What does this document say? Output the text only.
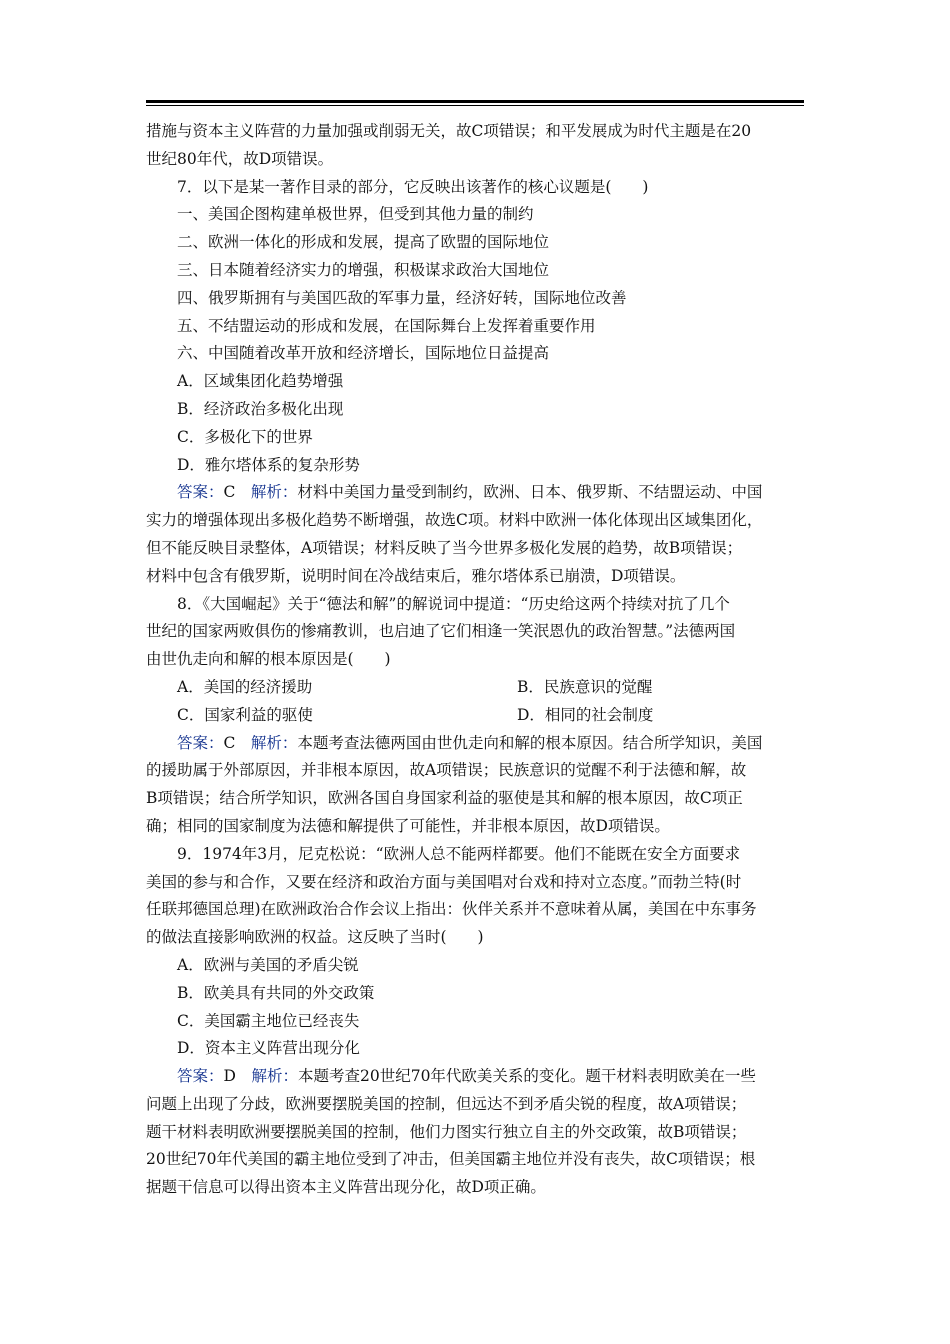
措施与资本主义阵营的力量加强或削弱无关，故C项错误；和平发展成为时代主题是在20

世纪80年代，故D项错误。

7．以下是某一著作目录的部分，它反映出该著作的核心议题是(　　)

一、美国企图构建单极世界，但受到其他力量的制约

二、欧洲一体化的形成和发展，提高了欧盟的国际地位

三、日本随着经济实力的增强，积极谋求政治大国地位

四、俄罗斯拥有与美国匹敌的军事力量，经济好转，国际地位改善

五、不结盟运动的形成和发展，在国际舞台上发挥着重要作用

六、中国随着改革开放和经济增长，国际地位日益提高

A．区域集团化趋势增强

B．经济政治多极化出现

C．多极化下的世界

D．雅尔塔体系的复杂形势

答案：C　 解析：材料中美国力量受到制约，欧洲、日本、俄罗斯、不结盟运动、中国

实力的增强体现出多极化趋势不断增强，故选C项。材料中欧洲一体化体现出区域集团化，

但不能反映目录整体，A项错误；材料反映了当今世界多极化发展的趋势，故B项错误；

材料中包含有俄罗斯，说明时间在冷战结束后，雅尔塔体系已崩溃，D项错误。

8．《大国崛起》关于“德法和解”的解说词中提道：“历史给这两个持续对抗了几个

世纪的国家两败俱伤的惨痛教训，也启迪了它们相逢一笑泯恩仇的政治智慧。”法德两国

由世仇走向和解的根本原因是(　　)

A．美国的经济援助	B．民族意识的觉醒
C．国家利益的驱使	D．相同的社会制度

答案：C　 解析：本题考查法德两国由世仇走向和解的根本原因。结合所学知识，美国

的援助属于外部原因，并非根本原因，故A项错误；民族意识的觉醒不利于法德和解，故

B项错误；结合所学知识，欧洲各国自身国家利益的驱使是其和解的根本原因，故C项正

确；相同的国家制度为法德和解提供了可能性，并非根本原因，故D项错误。

9．1974年3月，尼克松说：“欧洲人总不能两样都要。他们不能既在安全方面要求

美国的参与和合作，又要在经济和政治方面与美国唱对台戏和持对立态度。”而勃兰特(时

任联邦德国总理)在欧洲政治合作会议上指出：伙伴关系并不意味着从属，美国在中东事务

的做法直接影响欧洲的权益。这反映了当时(　　)

A．欧洲与美国的矛盾尖锐

B．欧美具有共同的外交政策

C．美国霸主地位已经丧失

D．资本主义阵营出现分化

答案：D　 解析：本题考查20世纪70年代欧美关系的变化。题干材料表明欧美在一些

问题上出现了分歧，欧洲要摆脱美国的控制，但远达不到矛盾尖锐的程度，故A项错误；

题干材料表明欧洲要摆脱美国的控制，他们力图实行独立自主的外交政策，故B项错误；

20世纪70年代美国的霸主地位受到了冲击，但美国霸主地位并没有丧失，故C项错误；根

据题干信息可以得出资本主义阵营出现分化，故D项正确。
